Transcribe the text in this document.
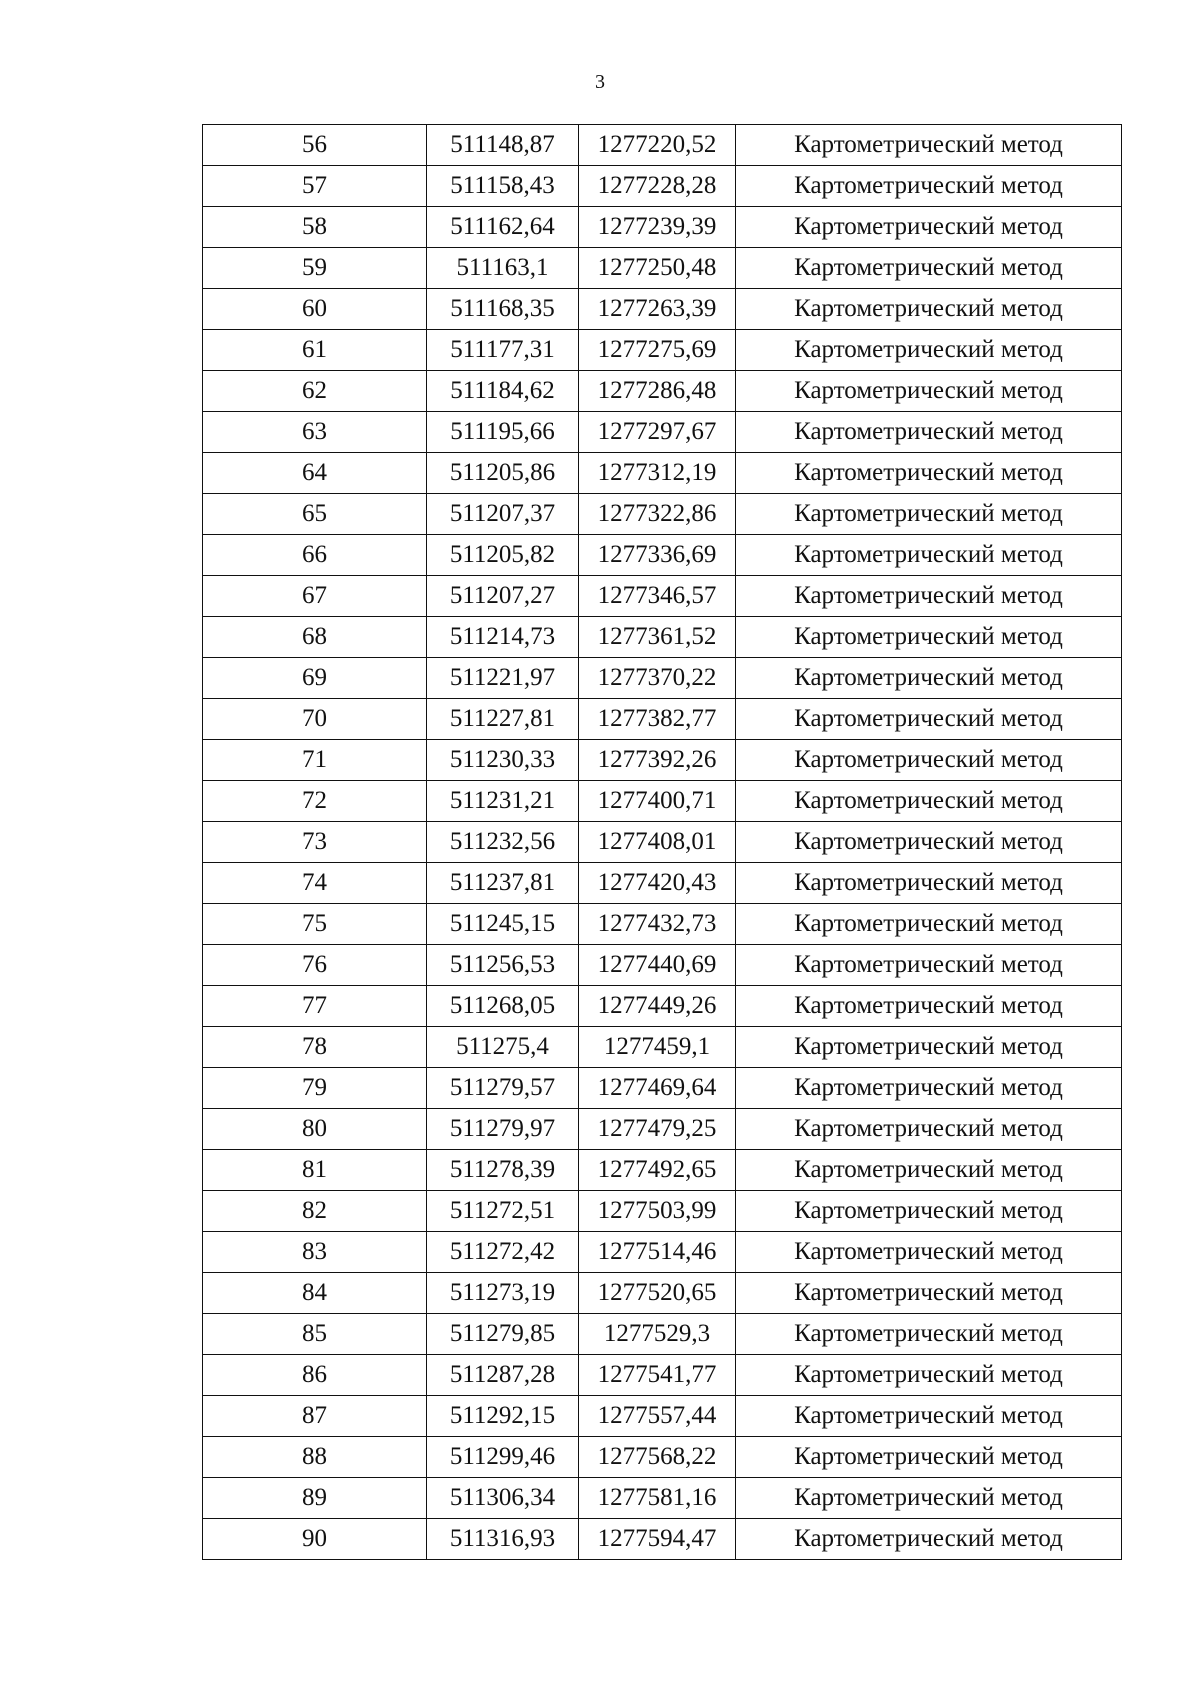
3
56	511148,87	1277220,52	Картометрический метод
57	511158,43	1277228,28	Картометрический метод
58	511162,64	1277239,39	Картометрический метод
59	511163,1	1277250,48	Картометрический метод
60	511168,35	1277263,39	Картометрический метод
61	511177,31	1277275,69	Картометрический метод
62	511184,62	1277286,48	Картометрический метод
63	511195,66	1277297,67	Картометрический метод
64	511205,86	1277312,19	Картометрический метод
65	511207,37	1277322,86	Картометрический метод
66	511205,82	1277336,69	Картометрический метод
67	511207,27	1277346,57	Картометрический метод
68	511214,73	1277361,52	Картометрический метод
69	511221,97	1277370,22	Картометрический метод
70	511227,81	1277382,77	Картометрический метод
71	511230,33	1277392,26	Картометрический метод
72	511231,21	1277400,71	Картометрический метод
73	511232,56	1277408,01	Картометрический метод
74	511237,81	1277420,43	Картометрический метод
75	511245,15	1277432,73	Картометрический метод
76	511256,53	1277440,69	Картометрический метод
77	511268,05	1277449,26	Картометрический метод
78	511275,4	1277459,1	Картометрический метод
79	511279,57	1277469,64	Картометрический метод
80	511279,97	1277479,25	Картометрический метод
81	511278,39	1277492,65	Картометрический метод
82	511272,51	1277503,99	Картометрический метод
83	511272,42	1277514,46	Картометрический метод
84	511273,19	1277520,65	Картометрический метод
85	511279,85	1277529,3	Картометрический метод
86	511287,28	1277541,77	Картометрический метод
87	511292,15	1277557,44	Картометрический метод
88	511299,46	1277568,22	Картометрический метод
89	511306,34	1277581,16	Картометрический метод
90	511316,93	1277594,47	Картометрический метод
